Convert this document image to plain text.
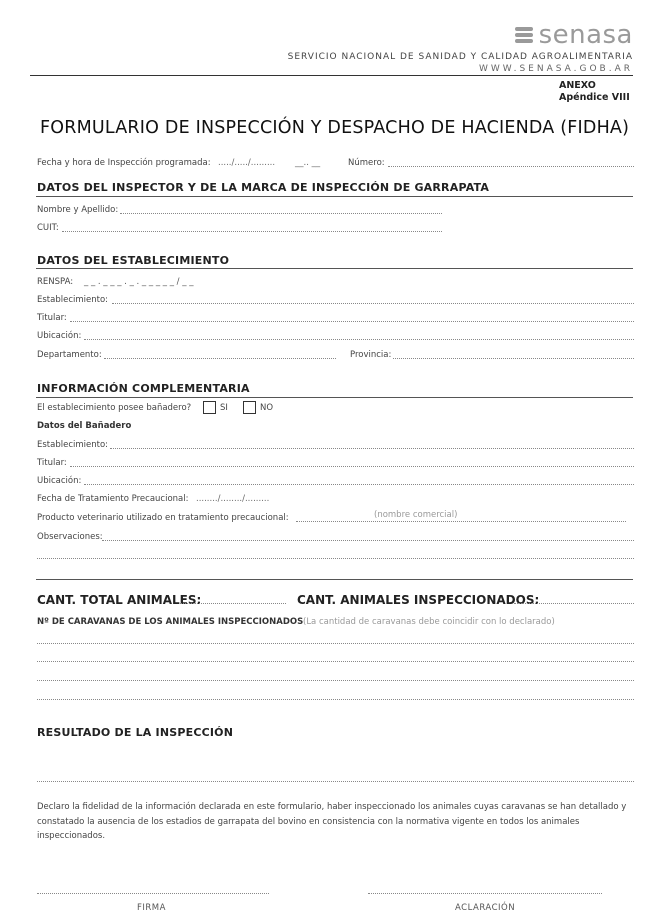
senasa
SERVICIO NACIONAL DE SANIDAD Y CALIDAD AGROALIMENTARIA
WWW.SENASA.GOB.AR
ANEXO
Apéndice VIII
FORMULARIO DE INSPECCIÓN Y DESPACHO DE HACIENDA (FIDHA)
Fecha y hora de Inspección programada: ...../...../......... __.. __	Número:
DATOS DEL INSPECTOR Y DE LA MARCA DE INSPECCIÓN DE GARRAPATA
Nombre y Apellido:
CUIT:
DATOS DEL ESTABLECIMIENTO
RENSPA: _ _ . _ _ _ . _ . _ _ _ _ _ / _ _
Establecimiento:
Titular:
Ubicación:
Departamento:	Provincia:
INFORMACIÓN COMPLEMENTARIA
El establecimiento posee bañadero?	SI	NO
Datos del Bañadero
Establecimiento:
Titular:
Ubicación:
Fecha de Tratamiento Precaucional: ......../......../.........
Producto veterinario utilizado en tratamiento precaucional:	(nombre comercial)
Observaciones:
CANT. TOTAL ANIMALES:	CANT. ANIMALES INSPECCIONADOS:
Nº DE CARAVANAS DE LOS ANIMALES INSPECCIONADOS (La cantidad de caravanas debe coincidir con lo declarado)
RESULTADO DE LA INSPECCIÓN
Declaro la fidelidad de la información declarada en este formulario, haber inspeccionado los animales cuyas caravanas se han detallado y constatado la ausencia de los estadios de garrapata del bovino en consistencia con la normativa vigente en todos los animales inspeccionados.
FIRMA	ACLARACIÓN
